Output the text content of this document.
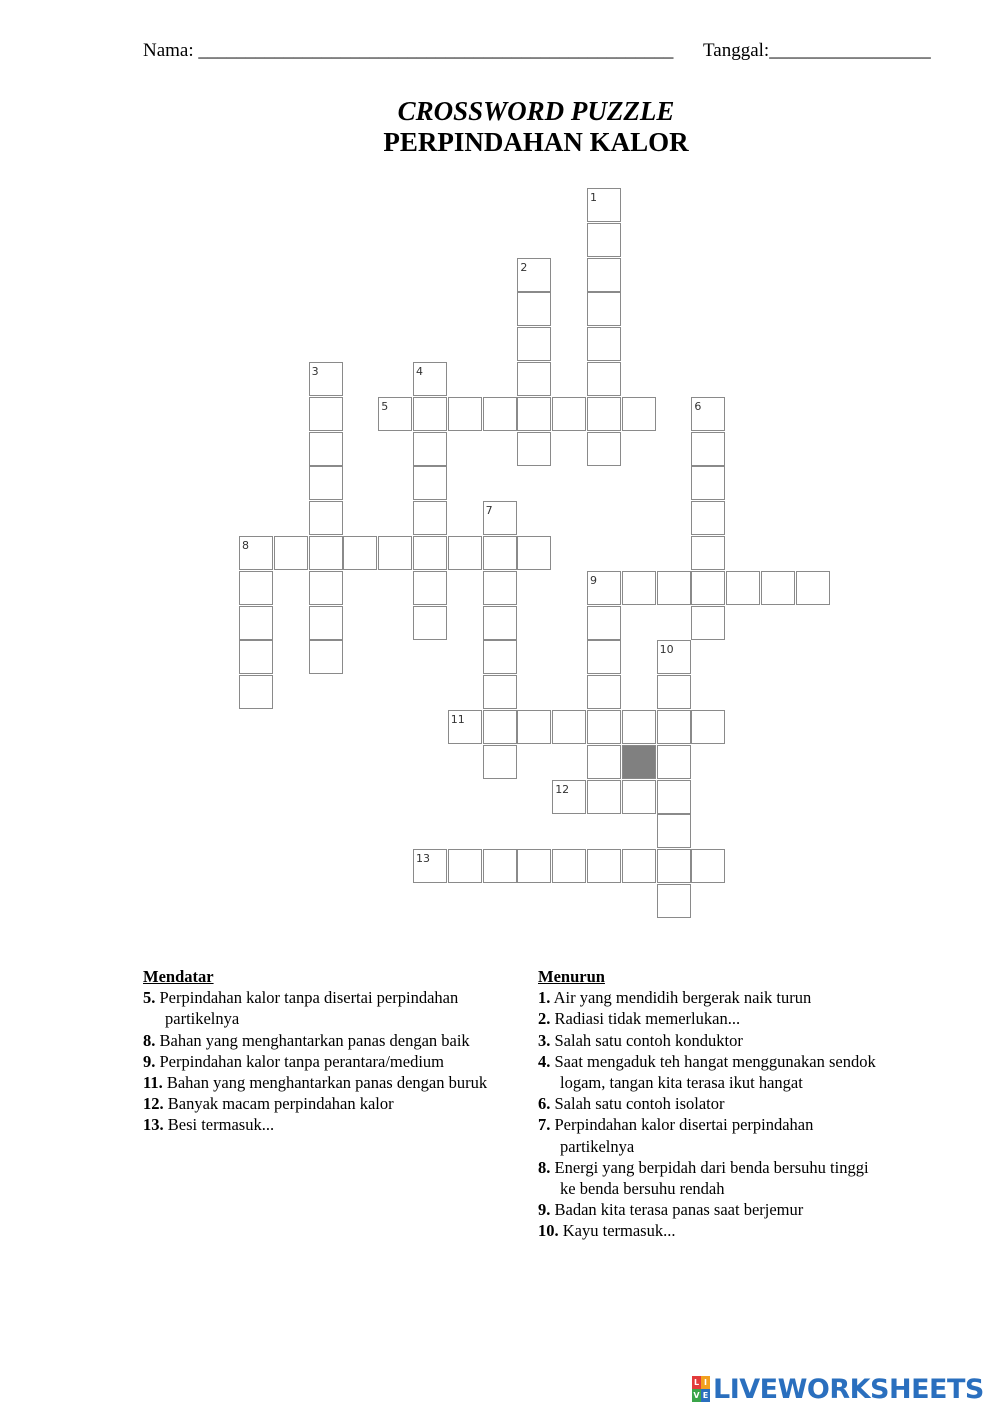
Nama: __________________________________________________ Tanggal:_________________
CROSSWORD PUZZLE
PERPINDAHAN KALOR
1
2
3	4
5	6
7
8
9
10
11
12
13
Mendatar
5. Perpindahan kalor tanpa disertai perpindahan
partikelnya
8. Bahan yang menghantarkan panas dengan baik
9. Perpindahan kalor tanpa perantara/medium
11. Bahan yang menghantarkan panas dengan buruk
12. Banyak macam perpindahan kalor
13. Besi termasuk...
Menurun
1. Air yang mendidih bergerak naik turun
2. Radiasi tidak memerlukan...
3. Salah satu contoh konduktor
4. Saat mengaduk teh hangat menggunakan sendok
logam, tangan kita terasa ikut hangat
6. Salah satu contoh isolator
7. Perpindahan kalor disertai perpindahan
partikelnya
8. Energi yang berpidah dari benda bersuhu tinggi
ke benda bersuhu rendah
9. Badan kita terasa panas saat berjemur
10. Kayu termasuk...
L I
V E LIVEWORKSHEETS
